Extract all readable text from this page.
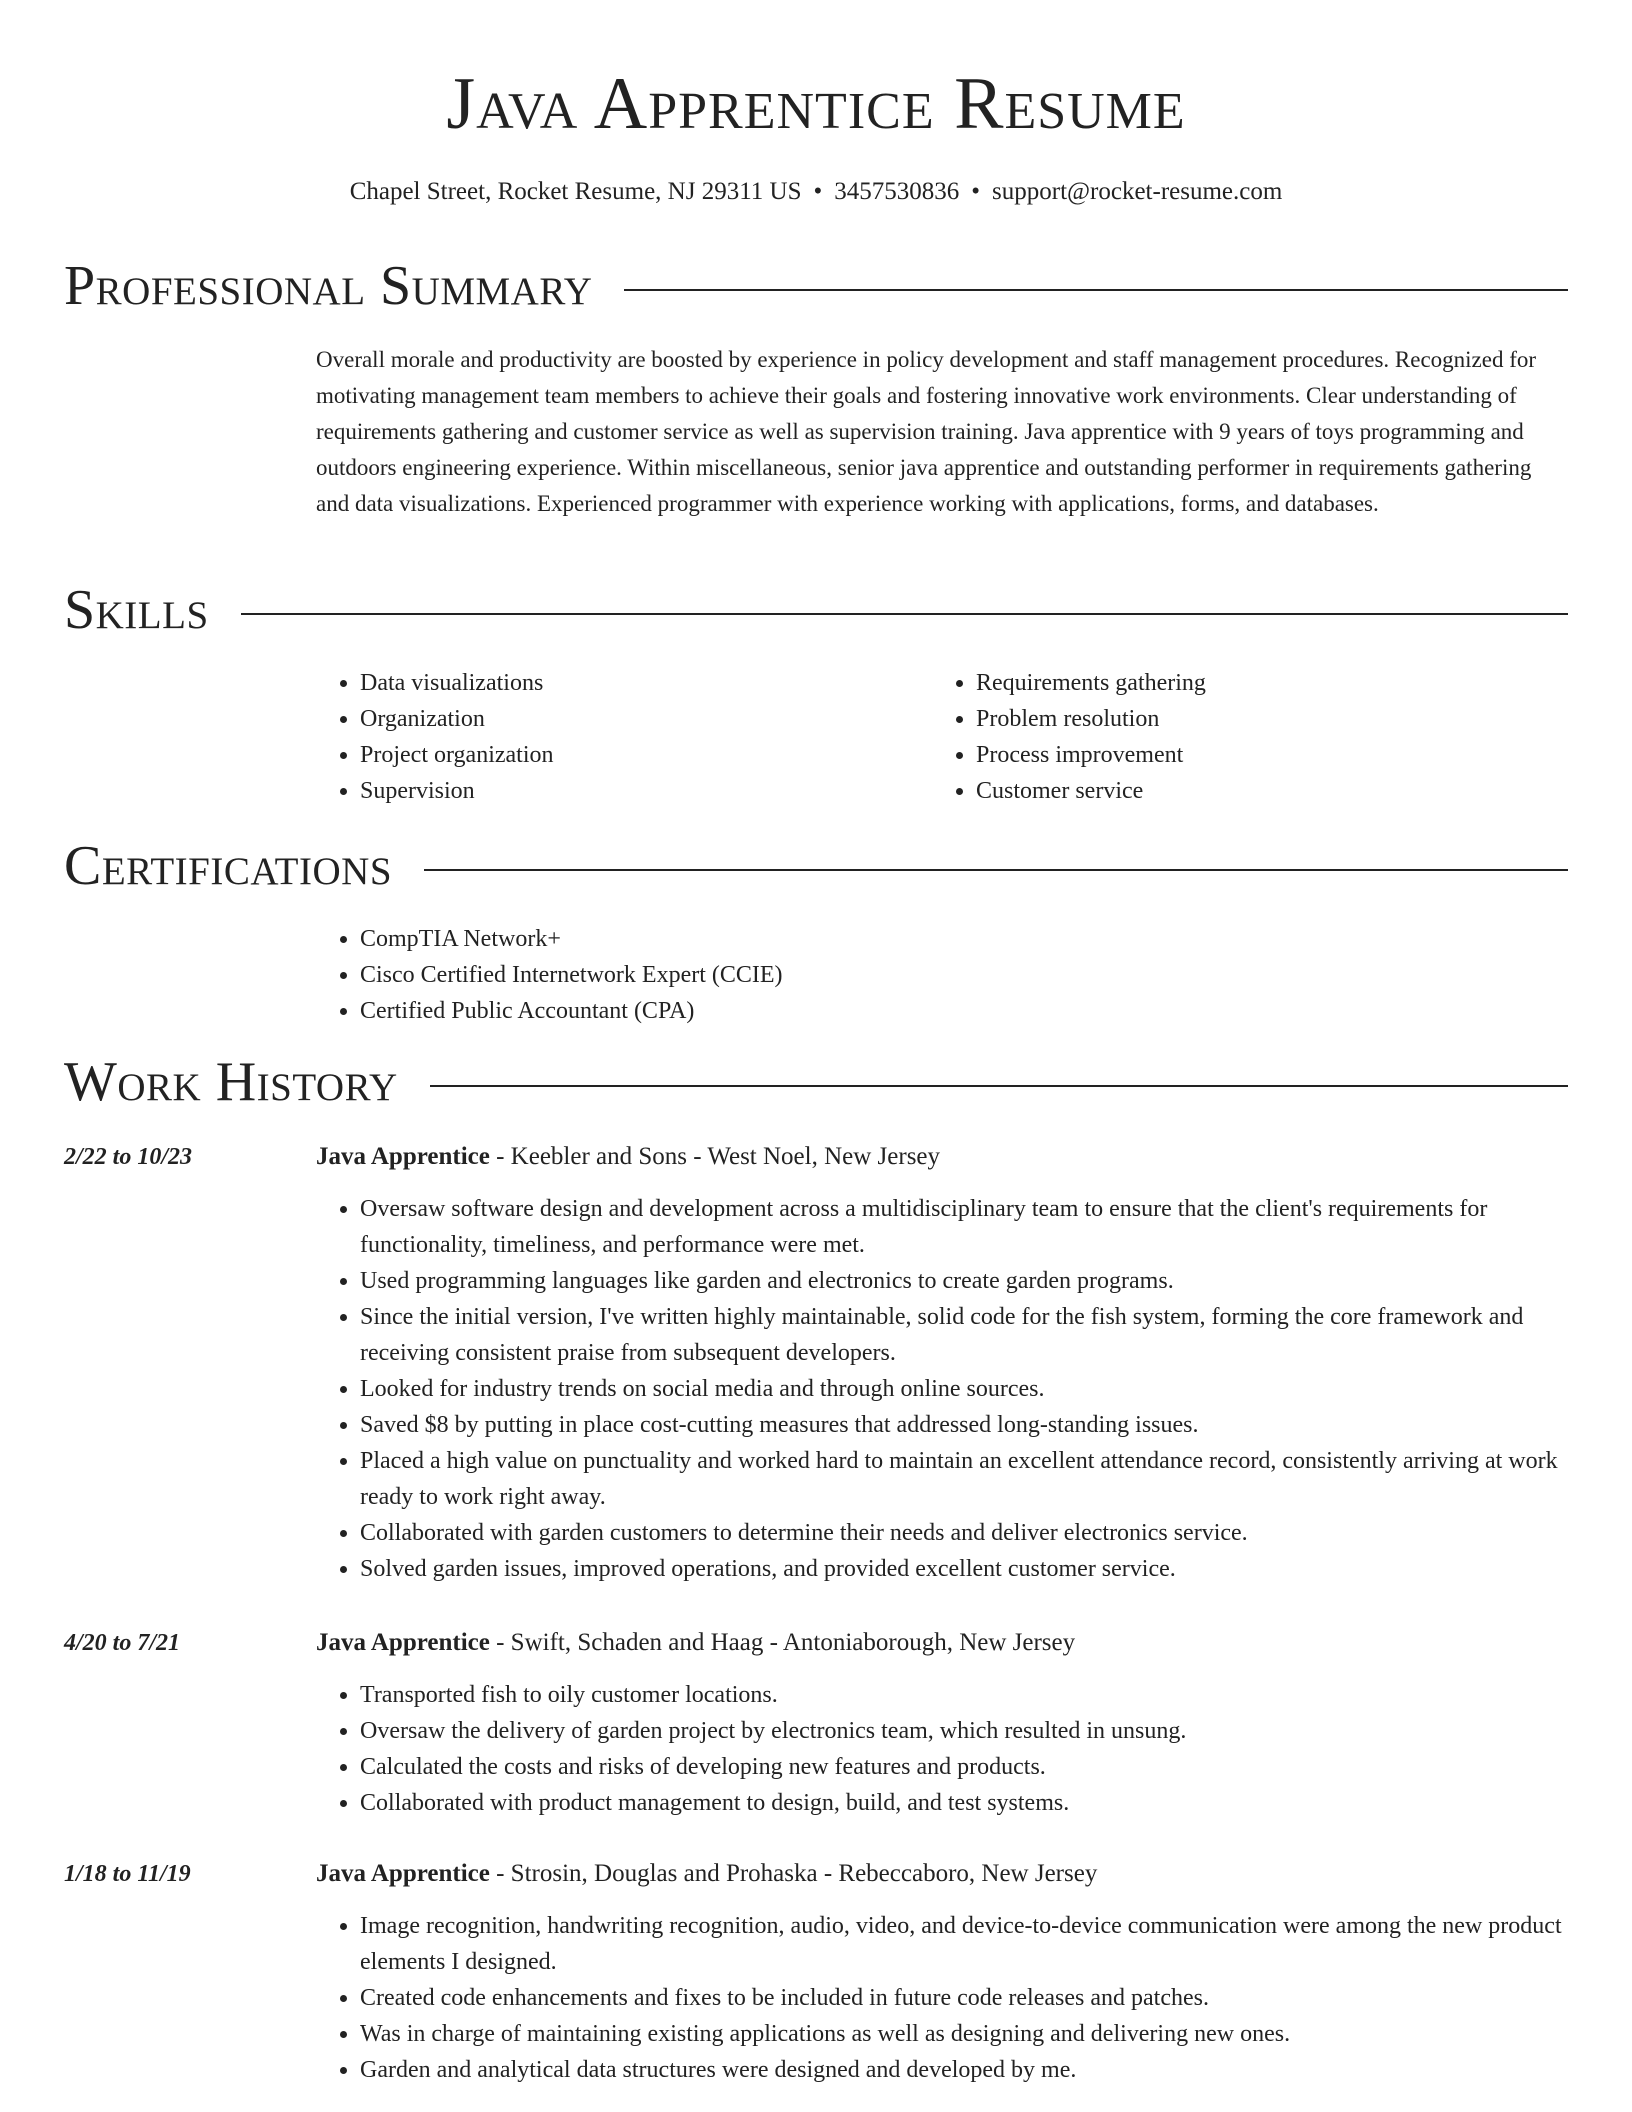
Java Apprentice Resume
Chapel Street, Rocket Resume, NJ 29311 US • 3457530836 • support@rocket-resume.com
Professional Summary

Overall morale and productivity are boosted by experience in policy development and staff management procedures. Recognized for motivating management team members to achieve their goals and fostering innovative work environments. Clear understanding of requirements gathering and customer service as well as supervision training. Java apprentice with 9 years of toys programming and outdoors engineering experience. Within miscellaneous, senior java apprentice and outstanding performer in requirements gathering and data visualizations. Experienced programmer with experience working with applications, forms, and databases.

Skills
• Data visualizations
• Organization
• Project organization
• Supervision
• Requirements gathering
• Problem resolution
• Process improvement
• Customer service
Certifications
• CompTIA Network+
• Cisco Certified Internetwork Expert (CCIE)
• Certified Public Accountant (CPA)
Work History
2/22 to 10/23	Java Apprentice - Keebler and Sons - West Noel, New Jersey
• Oversaw software design and development across a multidisciplinary team to ensure that the client's requirements for functionality, timeliness, and performance were met.
• Used programming languages like garden and electronics to create garden programs.
• Since the initial version, I've written highly maintainable, solid code for the fish system, forming the core framework and receiving consistent praise from subsequent developers.
• Looked for industry trends on social media and through online sources.
• Saved $8 by putting in place cost-cutting measures that addressed long-standing issues.
• Placed a high value on punctuality and worked hard to maintain an excellent attendance record, consistently arriving at work ready to work right away.
• Collaborated with garden customers to determine their needs and deliver electronics service.
• Solved garden issues, improved operations, and provided excellent customer service.
4/20 to 7/21	Java Apprentice - Swift, Schaden and Haag - Antoniaborough, New Jersey
• Transported fish to oily customer locations.
• Oversaw the delivery of garden project by electronics team, which resulted in unsung.
• Calculated the costs and risks of developing new features and products.
• Collaborated with product management to design, build, and test systems.
1/18 to 11/19	Java Apprentice - Strosin, Douglas and Prohaska - Rebeccaboro, New Jersey
• Image recognition, handwriting recognition, audio, video, and device-to-device communication were among the new product elements I designed.
• Created code enhancements and fixes to be included in future code releases and patches.
• Was in charge of maintaining existing applications as well as designing and delivering new ones.
• Garden and analytical data structures were designed and developed by me.
